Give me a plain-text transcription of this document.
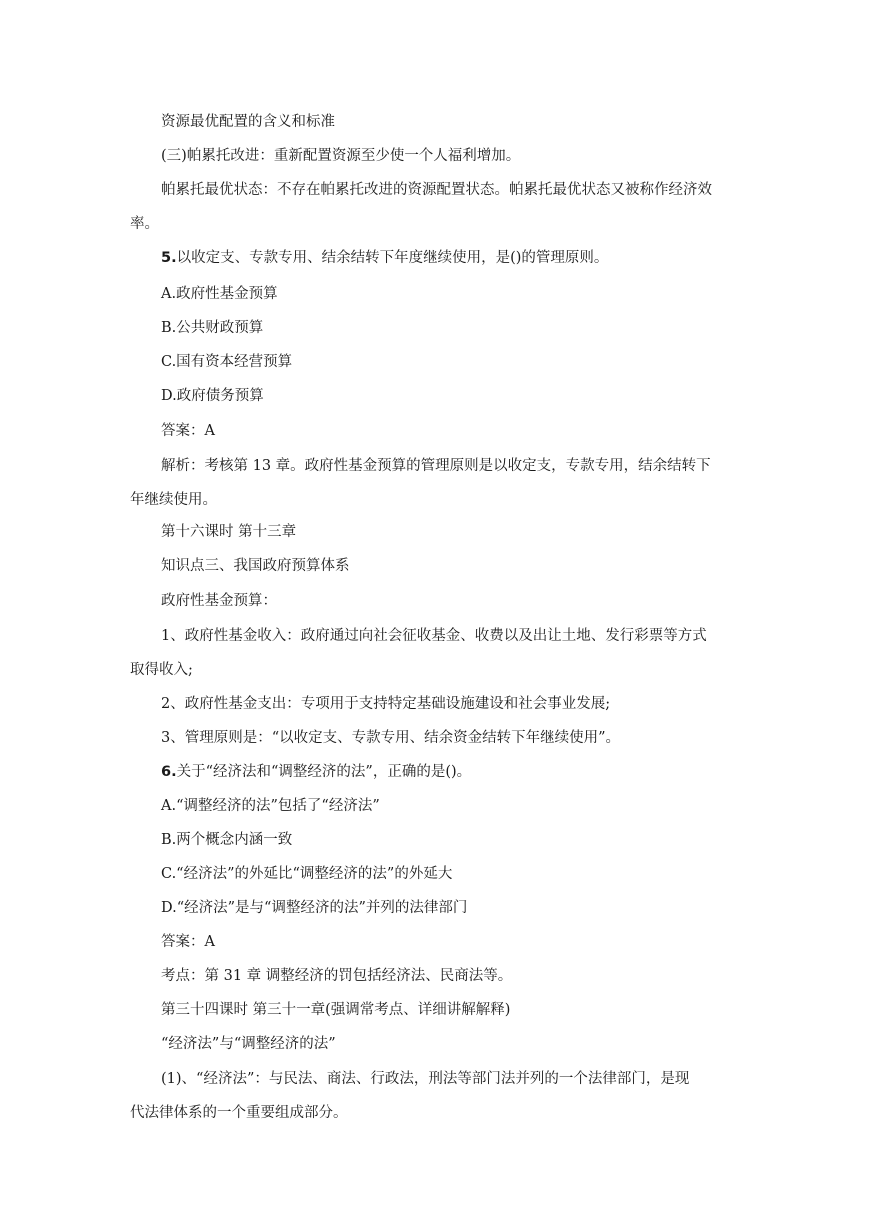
资源最优配置的含义和标准
(三)帕累托改进：重新配置资源至少使一个人福利增加。
帕累托最优状态：不存在帕累托改进的资源配置状态。帕累托最优状态又被称作经济效
率。
5.以收定支、专款专用、结余结转下年度继续使用，是()的管理原则。
A.政府性基金预算
B.公共财政预算
C.国有资本经营预算
D.政府债务预算
答案：A
解析：考核第 13 章。政府性基金预算的管理原则是以收定支，专款专用，结余结转下
年继续使用。
第十六课时 第十三章
知识点三、我国政府预算体系
政府性基金预算：
1、政府性基金收入：政府通过向社会征收基金、收费以及出让土地、发行彩票等方式
取得收入;
2、政府性基金支出：专项用于支持特定基础设施建设和社会事业发展;
3、管理原则是：“以收定支、专款专用、结余资金结转下年继续使用”。
6.关于“经济法和“调整经济的法”，正确的是()。
A.“调整经济的法”包括了“经济法”
B.两个概念内涵一致
C.“经济法”的外延比“调整经济的法”的外延大
D.“经济法”是与“调整经济的法”并列的法律部门
答案：A
考点：第 31 章 调整经济的罚包括经济法、民商法等。
第三十四课时 第三十一章(强调常考点、详细讲解解释)
“经济法”与“调整经济的法”
(1)、“经济法”：与民法、商法、行政法，刑法等部门法并列的一个法律部门，是现
代法律体系的一个重要组成部分。
